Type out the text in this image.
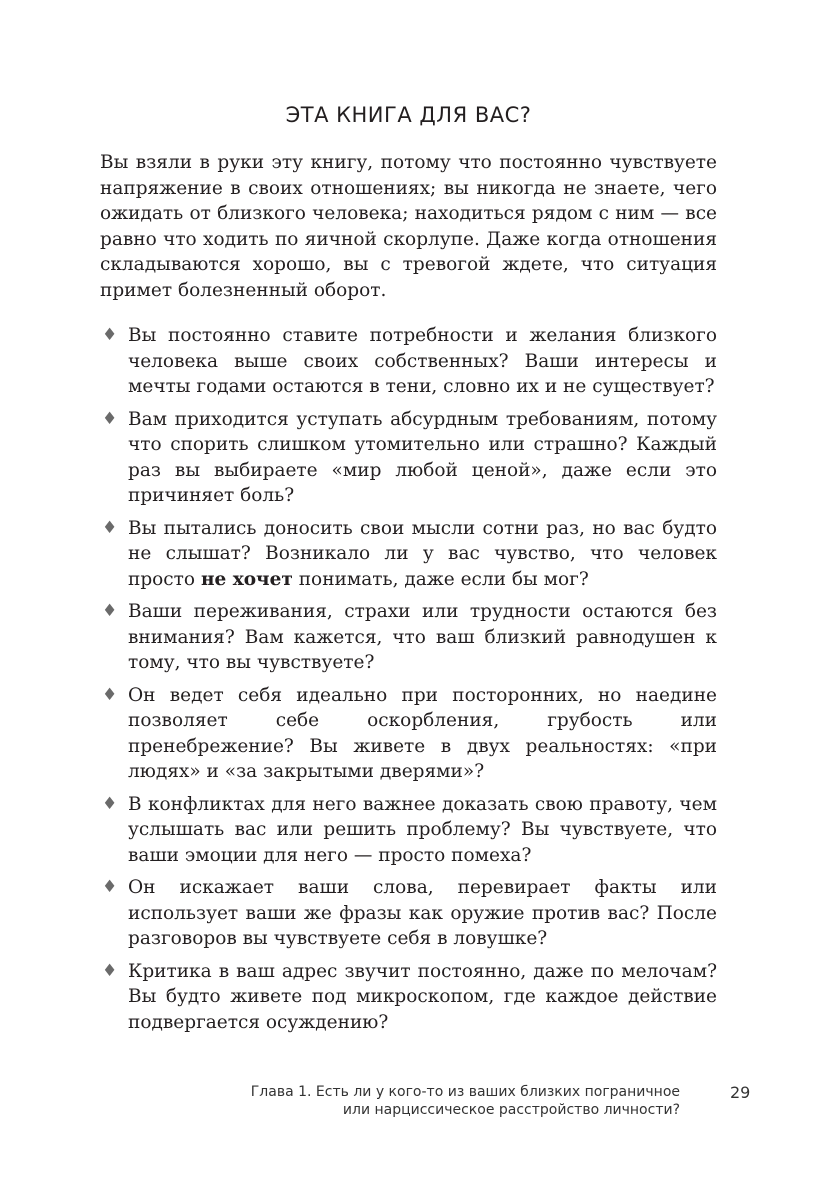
ЭТА КНИГА ДЛЯ ВАС?

Вы взяли в руки эту книгу, потому что постоянно чувствуете напряжение в своих отношениях; вы никогда не знаете, чего ожидать от близкого человека; находиться рядом с ним — все равно что ходить по яичной скорлупе. Даже когда отношения складываются хорошо, вы с тревогой ждете, что ситуация примет болезненный оборот.

♦ Вы постоянно ставите потребности и желания близкого человека выше своих собственных? Ваши интересы и мечты годами остаются в тени, словно их и не существует?
♦ Вам приходится уступать абсурдным требованиям, потому что спорить слишком утомительно или страшно? Каждый раз вы выбираете «мир любой ценой», даже если это причиняет боль?
♦ Вы пытались доносить свои мысли сотни раз, но вас будто не слышат? Возникало ли у вас чувство, что человек просто не хочет понимать, даже если бы мог?
♦ Ваши переживания, страхи или трудности остаются без внимания? Вам кажется, что ваш близкий равнодушен к тому, что вы чувствуете?
♦ Он ведет себя идеально при посторонних, но наедине позволяет себе оскорбления, грубость или пренебрежение? Вы живете в двух реальностях: «при людях» и «за закрытыми дверями»?
♦ В конфликтах для него важнее доказать свою правоту, чем услышать вас или решить проблему? Вы чувствуете, что ваши эмоции для него — просто помеха?
♦ Он искажает ваши слова, перевирает факты или использует ваши же фразы как оружие против вас? После разговоров вы чувствуете себя в ловушке?
♦ Критика в ваш адрес звучит постоянно, даже по мелочам? Вы будто живете под микроскопом, где каждое действие подвергается осуждению?
Глава 1. Есть ли у кого-то из ваших близких пограничное
или нарциссическое расстройство личности?
29
